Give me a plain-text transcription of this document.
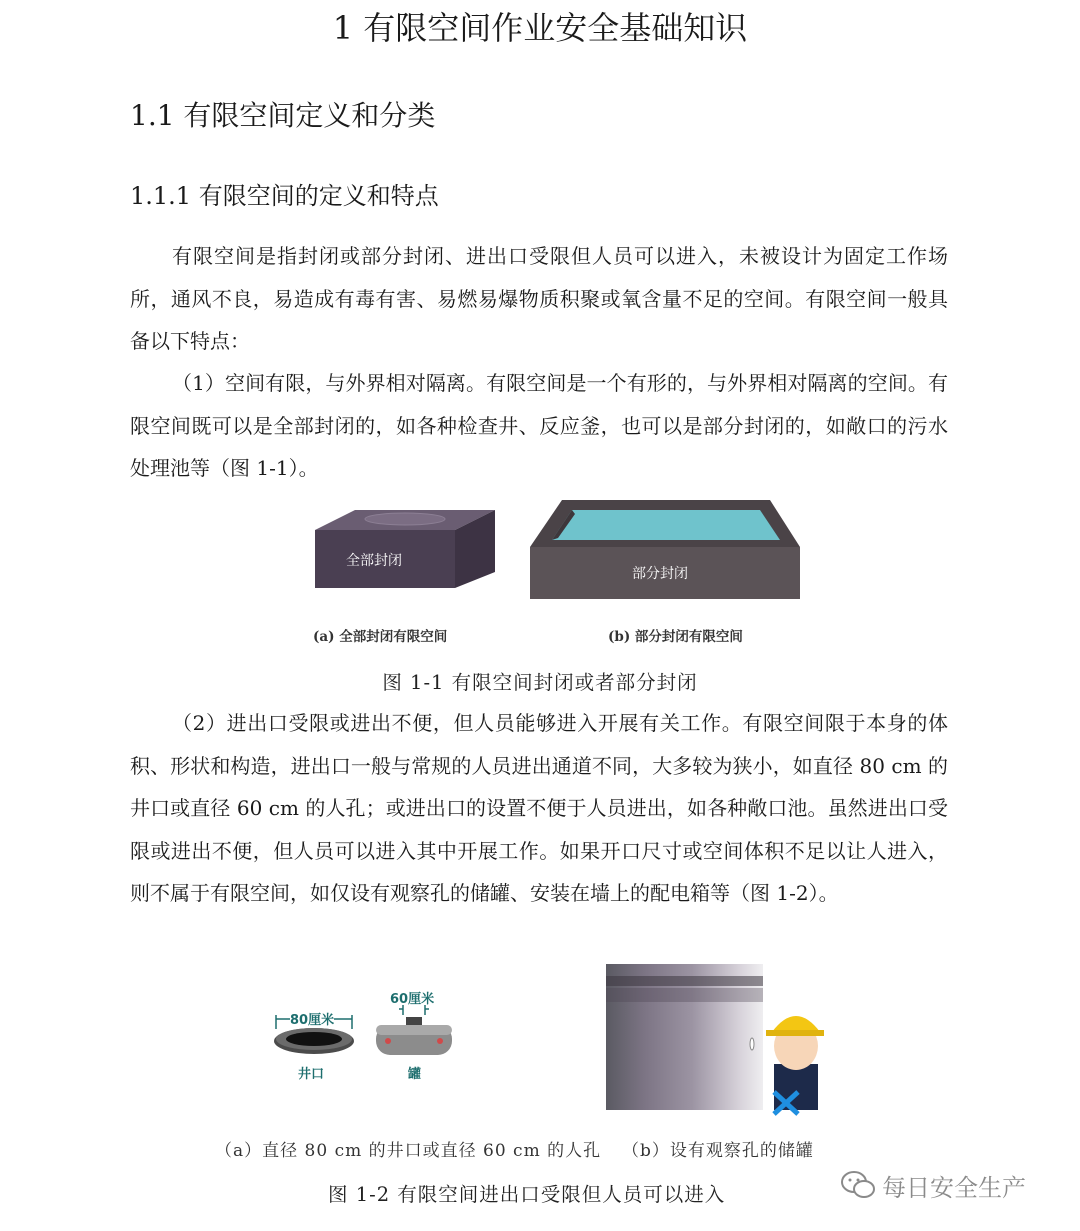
1 有限空间作业安全基础知识
1.1 有限空间定义和分类
1.1.1 有限空间的定义和特点

有限空间是指封闭或部分封闭、进出口受限但人员可以进入，未被设计为固定工作场所，通风不良，易造成有毒有害、易燃易爆物质积聚或氧含量不足的空间。有限空间一般具备以下特点：

（1）空间有限，与外界相对隔离。有限空间是一个有形的，与外界相对隔离的空间。有限空间既可以是全部封闭的，如各种检查井、反应釜，也可以是部分封闭的，如敞口的污水处理池等（图 1-1）。

全部封闭
部分封闭
(a) 全部封闭有限空间	(b) 部分封闭有限空间
图 1-1 有限空间封闭或者部分封闭

（2）进出口受限或进出不便，但人员能够进入开展有关工作。有限空间限于本身的体积、形状和构造，进出口一般与常规的人员进出通道不同，大多较为狭小，如直径 80 cm 的井口或直径 60 cm 的人孔；或进出口的设置不便于人员进出，如各种敞口池。虽然进出口受限或进出不便，但人员可以进入其中开展工作。如果开口尺寸或空间体积不足以让人进入，则不属于有限空间，如仅设有观察孔的储罐、安装在墙上的配电箱等（图 1-2）。

80厘米
60厘米
井口	罐
（a）直径 80 cm 的井口或直径 60 cm 的人孔 （b）设有观察孔的储罐
图 1-2 有限空间进出口受限但人员可以进入	每日安全生产
